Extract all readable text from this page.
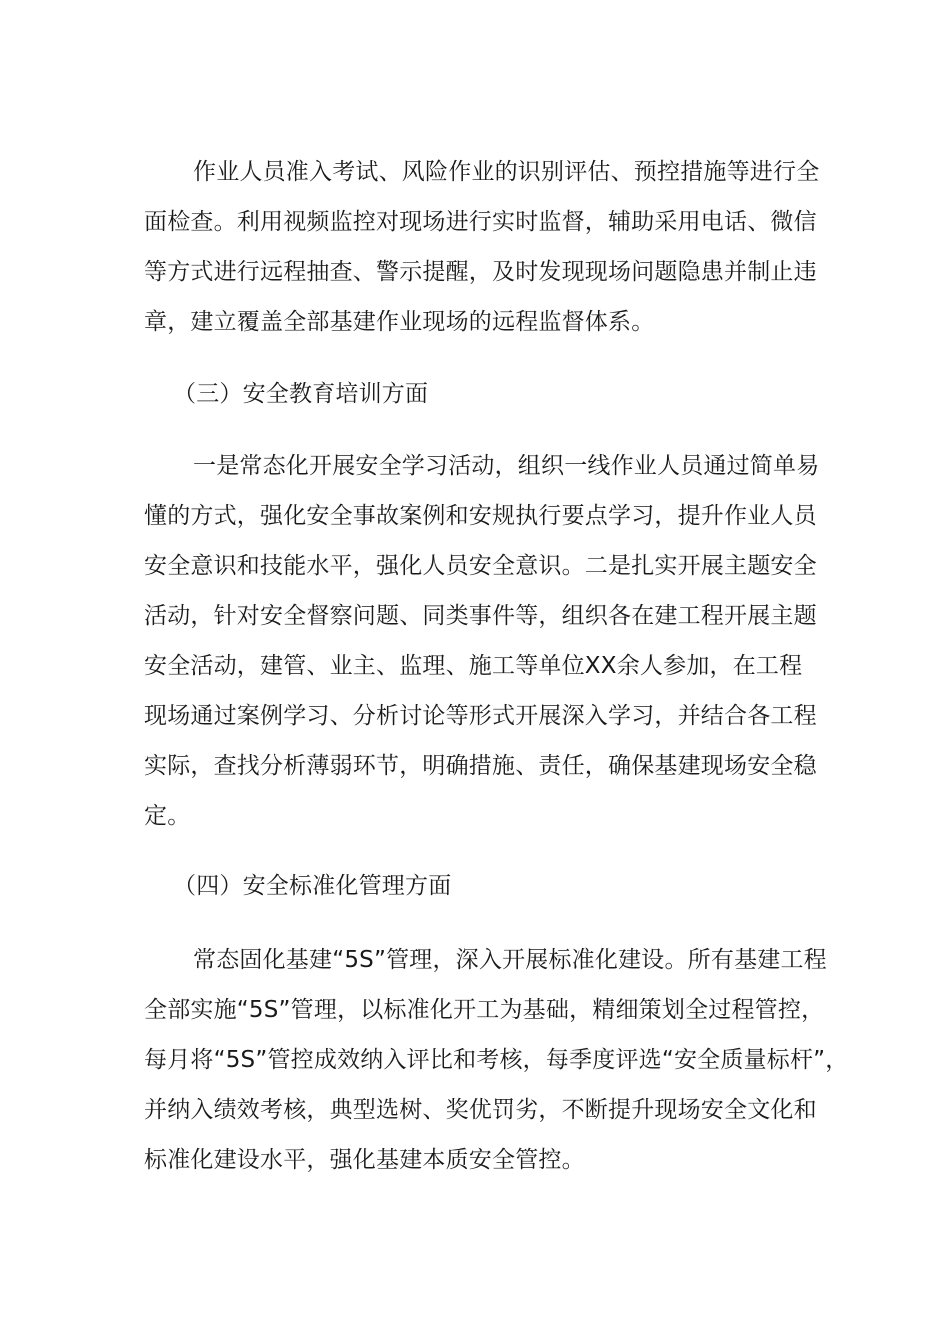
作业人员准入考试、风险作业的识别评估、预控措施等进行全
面检查。利用视频监控对现场进行实时监督，辅助采用电话、微信
等方式进行远程抽查、警示提醒，及时发现现场问题隐患并制止违
章，建立覆盖全部基建作业现场的远程监督体系。
（三）安全教育培训方面
一是常态化开展安全学习活动，组织一线作业人员通过简单易
懂的方式，强化安全事故案例和安规执行要点学习，提升作业人员
安全意识和技能水平，强化人员安全意识。二是扎实开展主题安全
活动，针对安全督察问题、同类事件等，组织各在建工程开展主题
安全活动，建管、业主、监理、施工等单位XX余人参加，在工程
现场通过案例学习、分析讨论等形式开展深入学习，并结合各工程
实际，查找分析薄弱环节，明确措施、责任，确保基建现场安全稳
定。
（四）安全标准化管理方面
常态固化基建“5S”管理，深入开展标准化建设。所有基建工程
全部实施“5S”管理，以标准化开工为基础，精细策划全过程管控，
每月将“5S”管控成效纳入评比和考核，每季度评选“安全质量标杆”，
并纳入绩效考核，典型选树、奖优罚劣，不断提升现场安全文化和
标准化建设水平，强化基建本质安全管控。
